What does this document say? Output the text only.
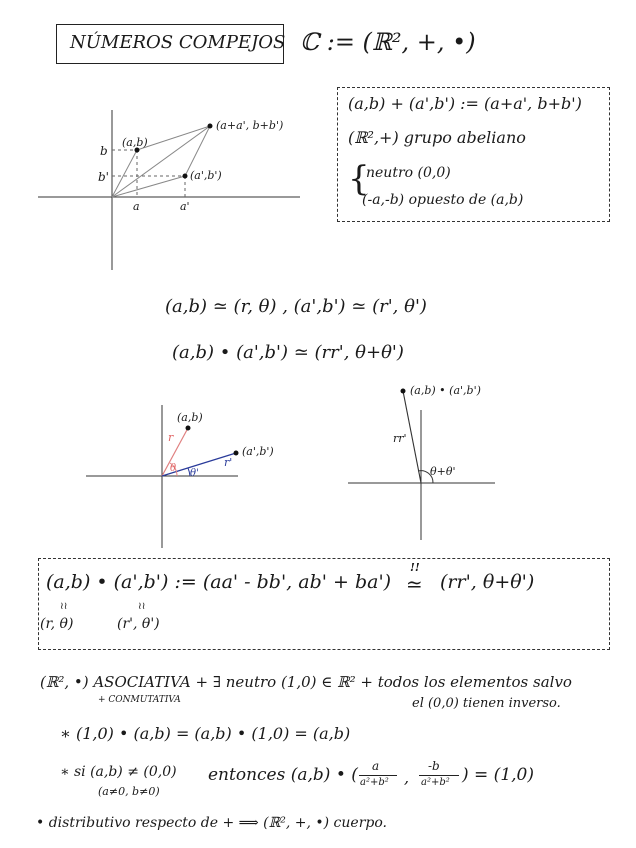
NÚMEROS COMPEJOS ℂ := (ℝ², +, •)
(a,b) + (a',b') := (a+a', b+b')
(ℝ²,+) grupo abeliano
{
neutro (0,0)
(-a,-b) opuesto de (a,b)
(a,b)
(a+a', b+b')
(a',b')
b
b'
a	a'
(a,b) ≃ (r, θ) , (a',b') ≃ (r', θ')
(a,b) • (a',b') ≃ (rr', θ+θ')
(a,b)
(a',b')
r
r'
θ θ'
(a,b) • (a',b')
rr'
θ+θ'
(a,b) • (a',b') := (aa' - bb', ab' + ba')
!!
≃ (rr', θ+θ')
≀≀	≀≀
(r, θ)	(r', θ')
(ℝ², •) ASOCIATIVA + ∃ neutro (1,0) ∈ ℝ² + todos los elementos salvo
+ CONMUTATIVA	el (0,0) tienen inverso.
∗ (1,0) • (a,b) = (a,b) • (1,0) = (a,b)
∗ si (a,b) ≠ (0,0)
(a≠0, b≠0)
entonces (a,b) • ( a
a²+b² ,
-b
a²+b² ) = (1,0)
• distributivo respecto de + ⟹ (ℝ², +, •) cuerpo.
